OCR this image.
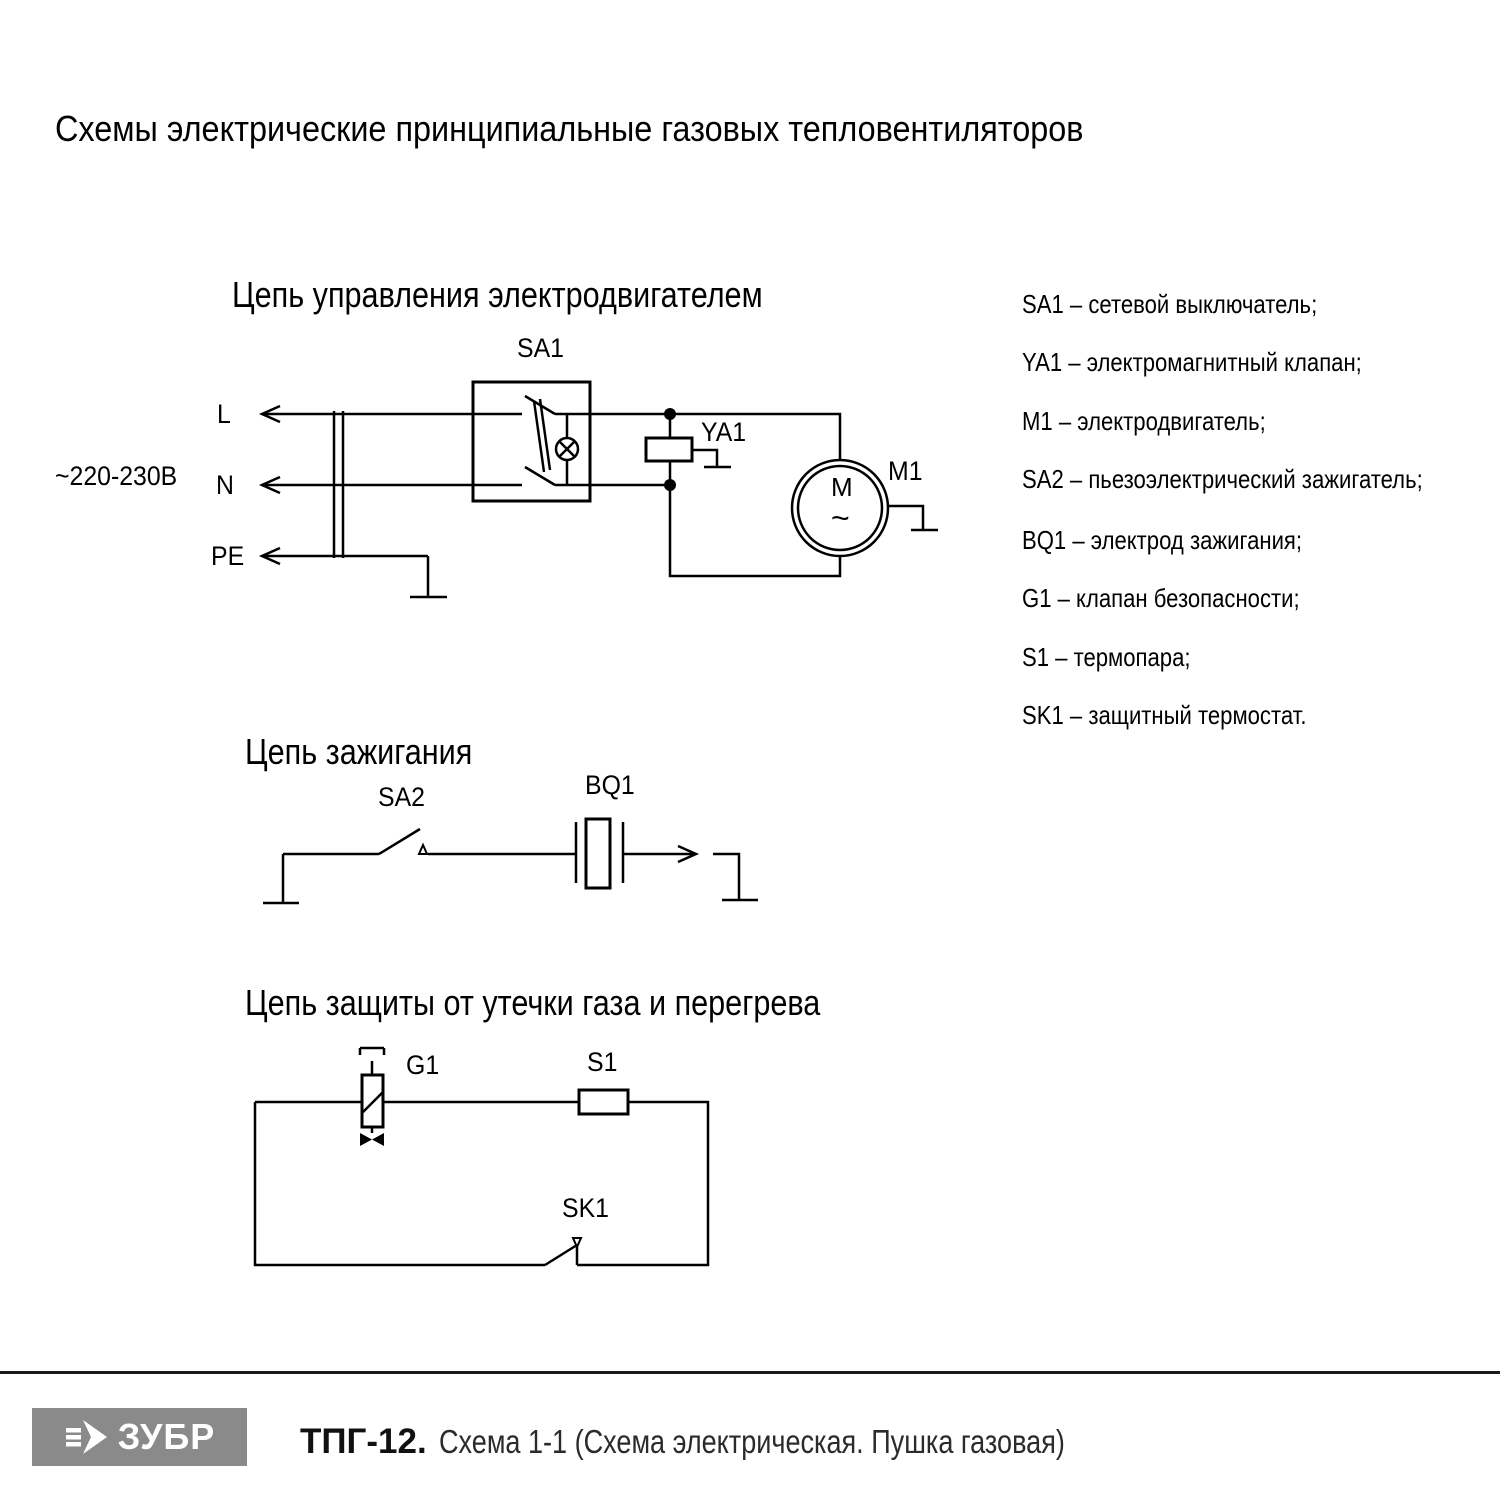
Схемы электрические принципиальные газовых тепловентиляторов
Цепь управления электродвигателем
SA1
~220-230В
L
N
PE
YA1
M1
M
~
Цепь зажигания
SA2	BQ1
Цепь защиты от утечки газа и перегрева
G1	S1
SK1
SA1 – сетевой выключатель;
YA1 – электромагнитный клапан;
M1 – электродвигатель;
SA2 – пьезоэлектрический зажигатель;
BQ1 – электрод зажигания;
G1 – клапан безопасности;
S1 – термопара;
SK1 – защитный термостат.
ЗУБР ТПГ-12. Схема 1-1 (Схема электрическая. Пушка газовая)
